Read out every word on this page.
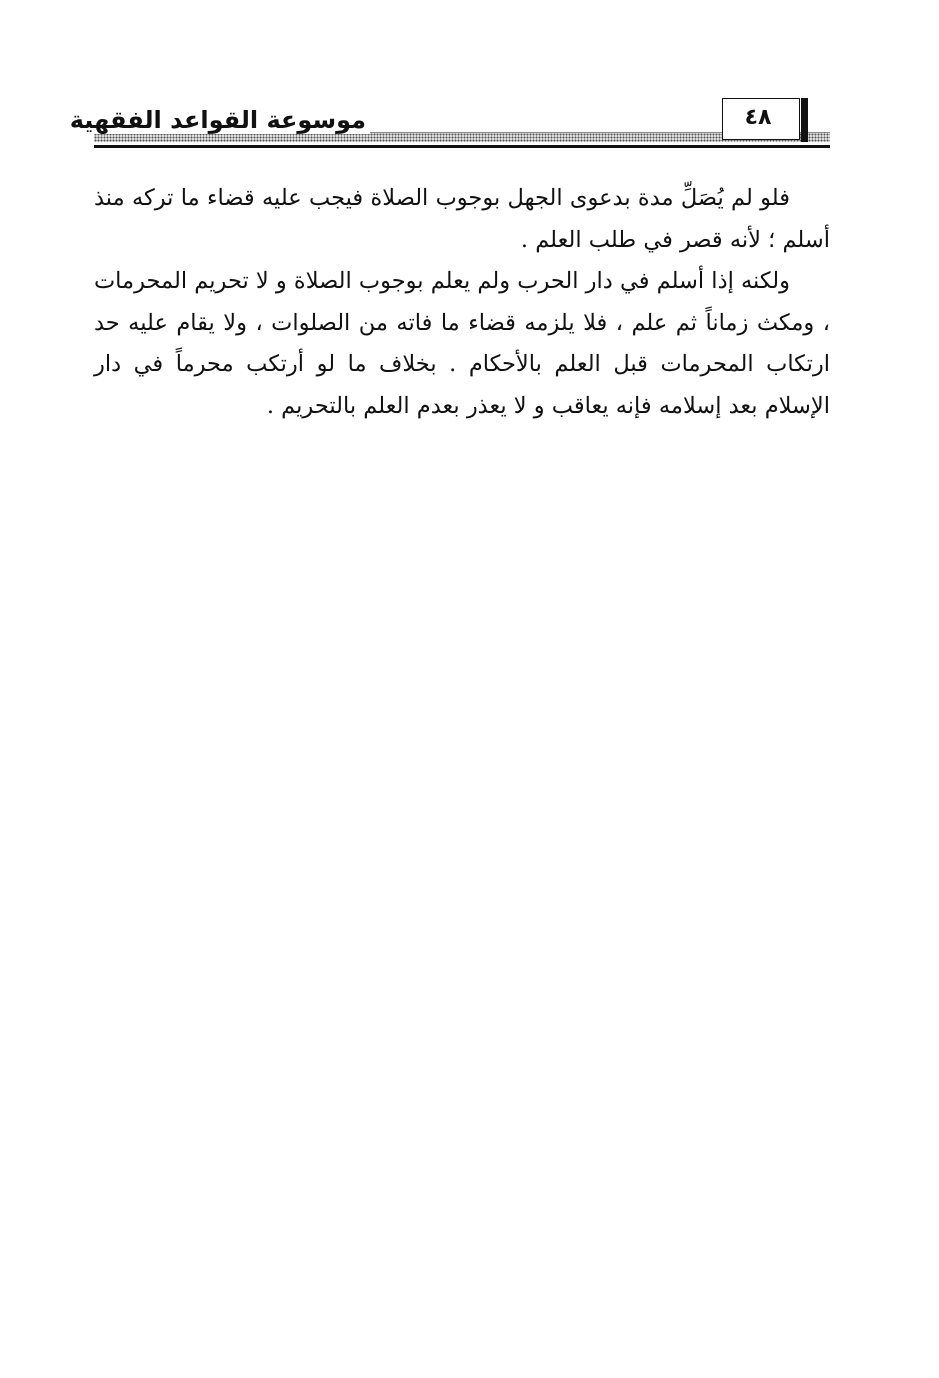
موسوعة القواعد الفقهية	٤٨

فلو لم يُصَلِّ مدة بدعوى الجهل بوجوب الصلاة فيجب عليه قضاء ما تركه منذ أسلم ؛ لأنه قصر في طلب العلم .

ولكنه إذا أسلم في دار الحرب ولم يعلم بوجوب الصلاة و لا تحريم المحرمات ، ومكث زماناً ثم علم ، فلا يلزمه قضاء ما فاته من الصلوات ، ولا يقام عليه حد ارتكاب المحرمات قبل العلم بالأحكام . بخلاف ما لو أرتكب محرماً في دار الإسلام بعد إسلامه فإنه يعاقب و لا يعذر بعدم العلم بالتحريم .
